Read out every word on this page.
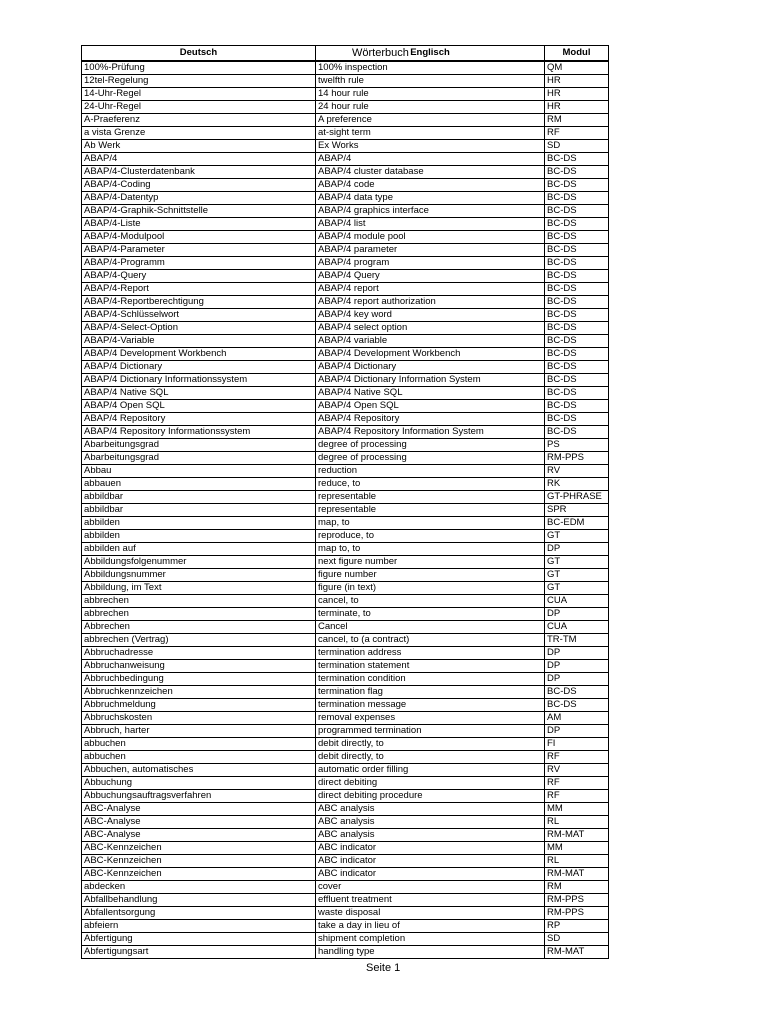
Deutsch	Englisch	Modul
100%-Prüfung	100% inspection	QM
12tel-Regelung	twelfth rule	HR
14-Uhr-Regel	14 hour rule	HR
24-Uhr-Regel	24 hour rule	HR
A-Praeferenz	A preference	RM
a vista Grenze	at-sight term	RF
Ab Werk	Ex Works	SD
ABAP/4	ABAP/4	BC-DS
ABAP/4-Clusterdatenbank	ABAP/4 cluster database	BC-DS
ABAP/4-Coding	ABAP/4 code	BC-DS
ABAP/4-Datentyp	ABAP/4 data type	BC-DS
ABAP/4-Graphik-Schnittstelle	ABAP/4 graphics interface	BC-DS
ABAP/4-Liste	ABAP/4 list	BC-DS
ABAP/4-Modulpool	ABAP/4 module pool	BC-DS
ABAP/4-Parameter	ABAP/4 parameter	BC-DS
ABAP/4-Programm	ABAP/4 program	BC-DS
ABAP/4-Query	ABAP/4 Query	BC-DS
ABAP/4-Report	ABAP/4 report	BC-DS
ABAP/4-Reportberechtigung	ABAP/4 report authorization	BC-DS
ABAP/4-Schlüsselwort	ABAP/4 key word	BC-DS
ABAP/4-Select-Option	ABAP/4 select option	BC-DS
ABAP/4-Variable	ABAP/4 variable	BC-DS
ABAP/4 Development Workbench	ABAP/4 Development Workbench	BC-DS
ABAP/4 Dictionary	ABAP/4 Dictionary	BC-DS
ABAP/4 Dictionary Informationssystem	ABAP/4 Dictionary Information System	BC-DS
ABAP/4 Native SQL	ABAP/4 Native SQL	BC-DS
ABAP/4 Open SQL	ABAP/4 Open SQL	BC-DS
ABAP/4 Repository	ABAP/4 Repository	BC-DS
ABAP/4 Repository Informationssystem	ABAP/4 Repository Information System	BC-DS
Abarbeitungsgrad	degree of processing	PS
Abarbeitungsgrad	degree of processing	RM-PPS
Abbau	reduction	RV
abbauen	reduce, to	RK
abbildbar	representable	GT-PHRASE
abbildbar	representable	SPR
abbilden	map, to	BC-EDM
abbilden	reproduce, to	GT
abbilden auf	map to, to	DP
Abbildungsfolgenummer	next figure number	GT
Abbildungsnummer	figure number	GT
Abbildung, im Text	figure (in text)	GT
abbrechen	cancel, to	CUA
abbrechen	terminate, to	DP
Abbrechen	Cancel	CUA
abbrechen (Vertrag)	cancel, to (a contract)	TR-TM
Abbruchadresse	termination address	DP
Abbruchanweisung	termination statement	DP
Abbruchbedingung	termination condition	DP
Abbruchkennzeichen	termination flag	BC-DS
Abbruchmeldung	termination message	BC-DS
Abbruchskosten	removal expenses	AM
Abbruch, harter	programmed termination	DP
abbuchen	debit directly, to	FI
abbuchen	debit directly, to	RF
Abbuchen, automatisches	automatic order filling	RV
Abbuchung	direct debiting	RF
Abbuchungsauftragsverfahren	direct debiting procedure	RF
ABC-Analyse	ABC analysis	MM
ABC-Analyse	ABC analysis	RL
ABC-Analyse	ABC analysis	RM-MAT
ABC-Kennzeichen	ABC indicator	MM
ABC-Kennzeichen	ABC indicator	RL
ABC-Kennzeichen	ABC indicator	RM-MAT
abdecken	cover	RM
Abfallbehandlung	effluent treatment	RM-PPS
Abfallentsorgung	waste disposal	RM-PPS
abfeiern	take a day in lieu of	RP
Abfertigung	shipment completion	SD
Abfertigungsart	handling type	RM-MAT
Wörterbuch
Seite 1
